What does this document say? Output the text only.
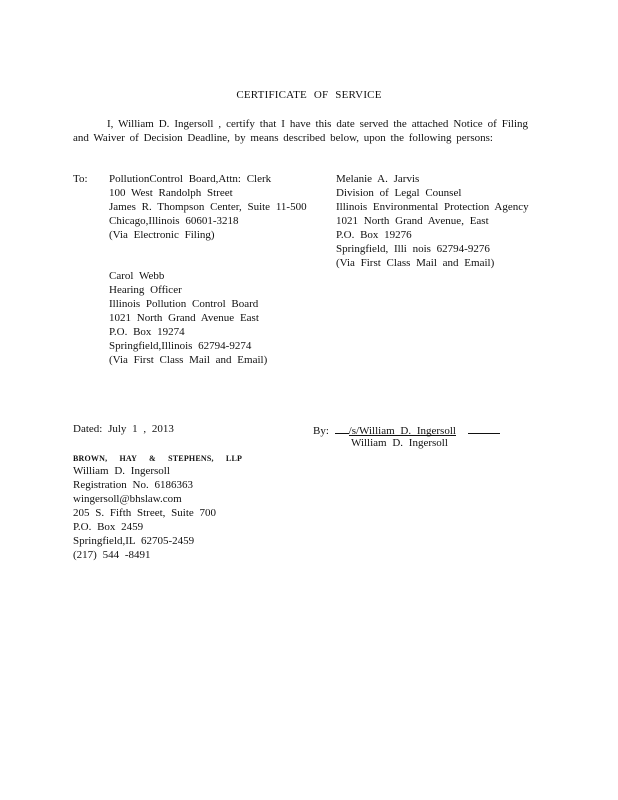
CERTIFICATE OF SERVICE
I, William D. Ingersoll , certify that I have this date served the attached Notice of Filing and Waiver of Decision Deadline, by means described below, upon the following persons:
To: PollutionControl Board,Attn: Clerk
100 West Randolph Street
James R. Thompson Center, Suite 11-500
Chicago,Illinois 60601-3218
(Via Electronic Filing)
Melanie A. Jarvis
Division of Legal Counsel
Illinois Environmental Protection Agency
1021 North Grand Avenue, East
P.O. Box 19276
Springfield, Illi nois 62794-9276
(Via First Class Mail and Email)
Carol Webb
Hearing Officer
Illinois Pollution Control Board
1021 North Grand Avenue East
P.O. Box 19274
Springfield,Illinois 62794-9274
(Via First Class Mail and Email)
Dated: July 1 , 2013	By: /s/William D. Ingersoll
William D. Ingersoll
BROWN, HAY & STEPHENS, LLP
William D. Ingersoll
Registration No. 6186363
wingersoll@bhslaw.com
205 S. Fifth Street, Suite 700
P.O. Box 2459
Springfield,IL 62705-2459
(217) 544 -8491
